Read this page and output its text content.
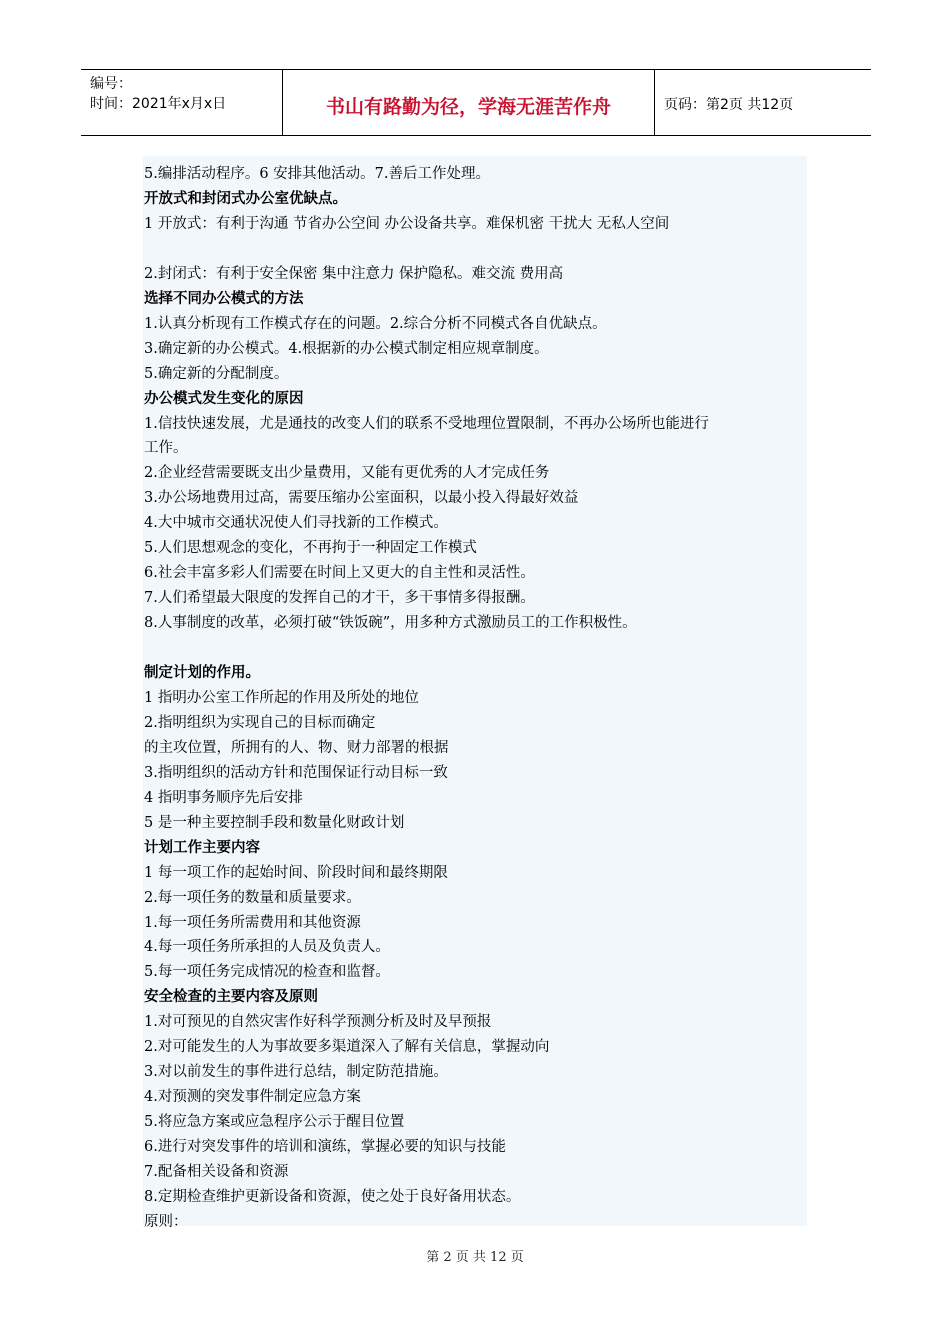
编号：
时间：2021年x月x日	书山有路勤为径，学海无涯苦作舟	页码：第2页 共12页
5.编排活动程序。6 安排其他活动。7.善后工作处理。
开放式和封闭式办公室优缺点。
1 开放式：有利于沟通 节省办公空间 办公设备共享。难保机密 干扰大 无私人空间
2.封闭式：有利于安全保密 集中注意力 保护隐私。难交流 费用高
选择不同办公模式的方法
1.认真分析现有工作模式存在的问题。2.综合分析不同模式各自优缺点。
3.确定新的办公模式。4.根据新的办公模式制定相应规章制度。
5.确定新的分配制度。
办公模式发生变化的原因
1.信技快速发展，尤是通技的改变人们的联系不受地理位置限制，不再办公场所也能进行
工作。
2.企业经营需要既支出少量费用，又能有更优秀的人才完成任务
3.办公场地费用过高，需要压缩办公室面积，以最小投入得最好效益
4.大中城市交通状况使人们寻找新的工作模式。
5.人们思想观念的变化，不再拘于一种固定工作模式
6.社会丰富多彩人们需要在时间上又更大的自主性和灵活性。
7.人们希望最大限度的发挥自己的才干，多干事情多得报酬。
8.人事制度的改革，必须打破“铁饭碗”，用多种方式激励员工的工作积极性。
制定计划的作用。
1 指明办公室工作所起的作用及所处的地位
2.指明组织为实现自己的目标而确定
的主攻位置，所拥有的人、物、财力部署的根据
3.指明组织的活动方针和范围保证行动目标一致
4 指明事务顺序先后安排
5 是一种主要控制手段和数量化财政计划
计划工作主要内容
1 每一项工作的起始时间、阶段时间和最终期限
2.每一项任务的数量和质量要求。
1.每一项任务所需费用和其他资源
4.每一项任务所承担的人员及负责人。
5.每一项任务完成情况的检查和监督。
安全检查的主要内容及原则
1.对可预见的自然灾害作好科学预测分析及时及早预报
2.对可能发生的人为事故要多渠道深入了解有关信息，掌握动向
3.对以前发生的事件进行总结，制定防范措施。
4.对预测的突发事件制定应急方案
5.将应急方案或应急程序公示于醒目位置
6.进行对突发事件的培训和演练，掌握必要的知识与技能
7.配备相关设备和资源
8.定期检查维护更新设备和资源，使之处于良好备用状态。
原则：
第 2 页 共 12 页
